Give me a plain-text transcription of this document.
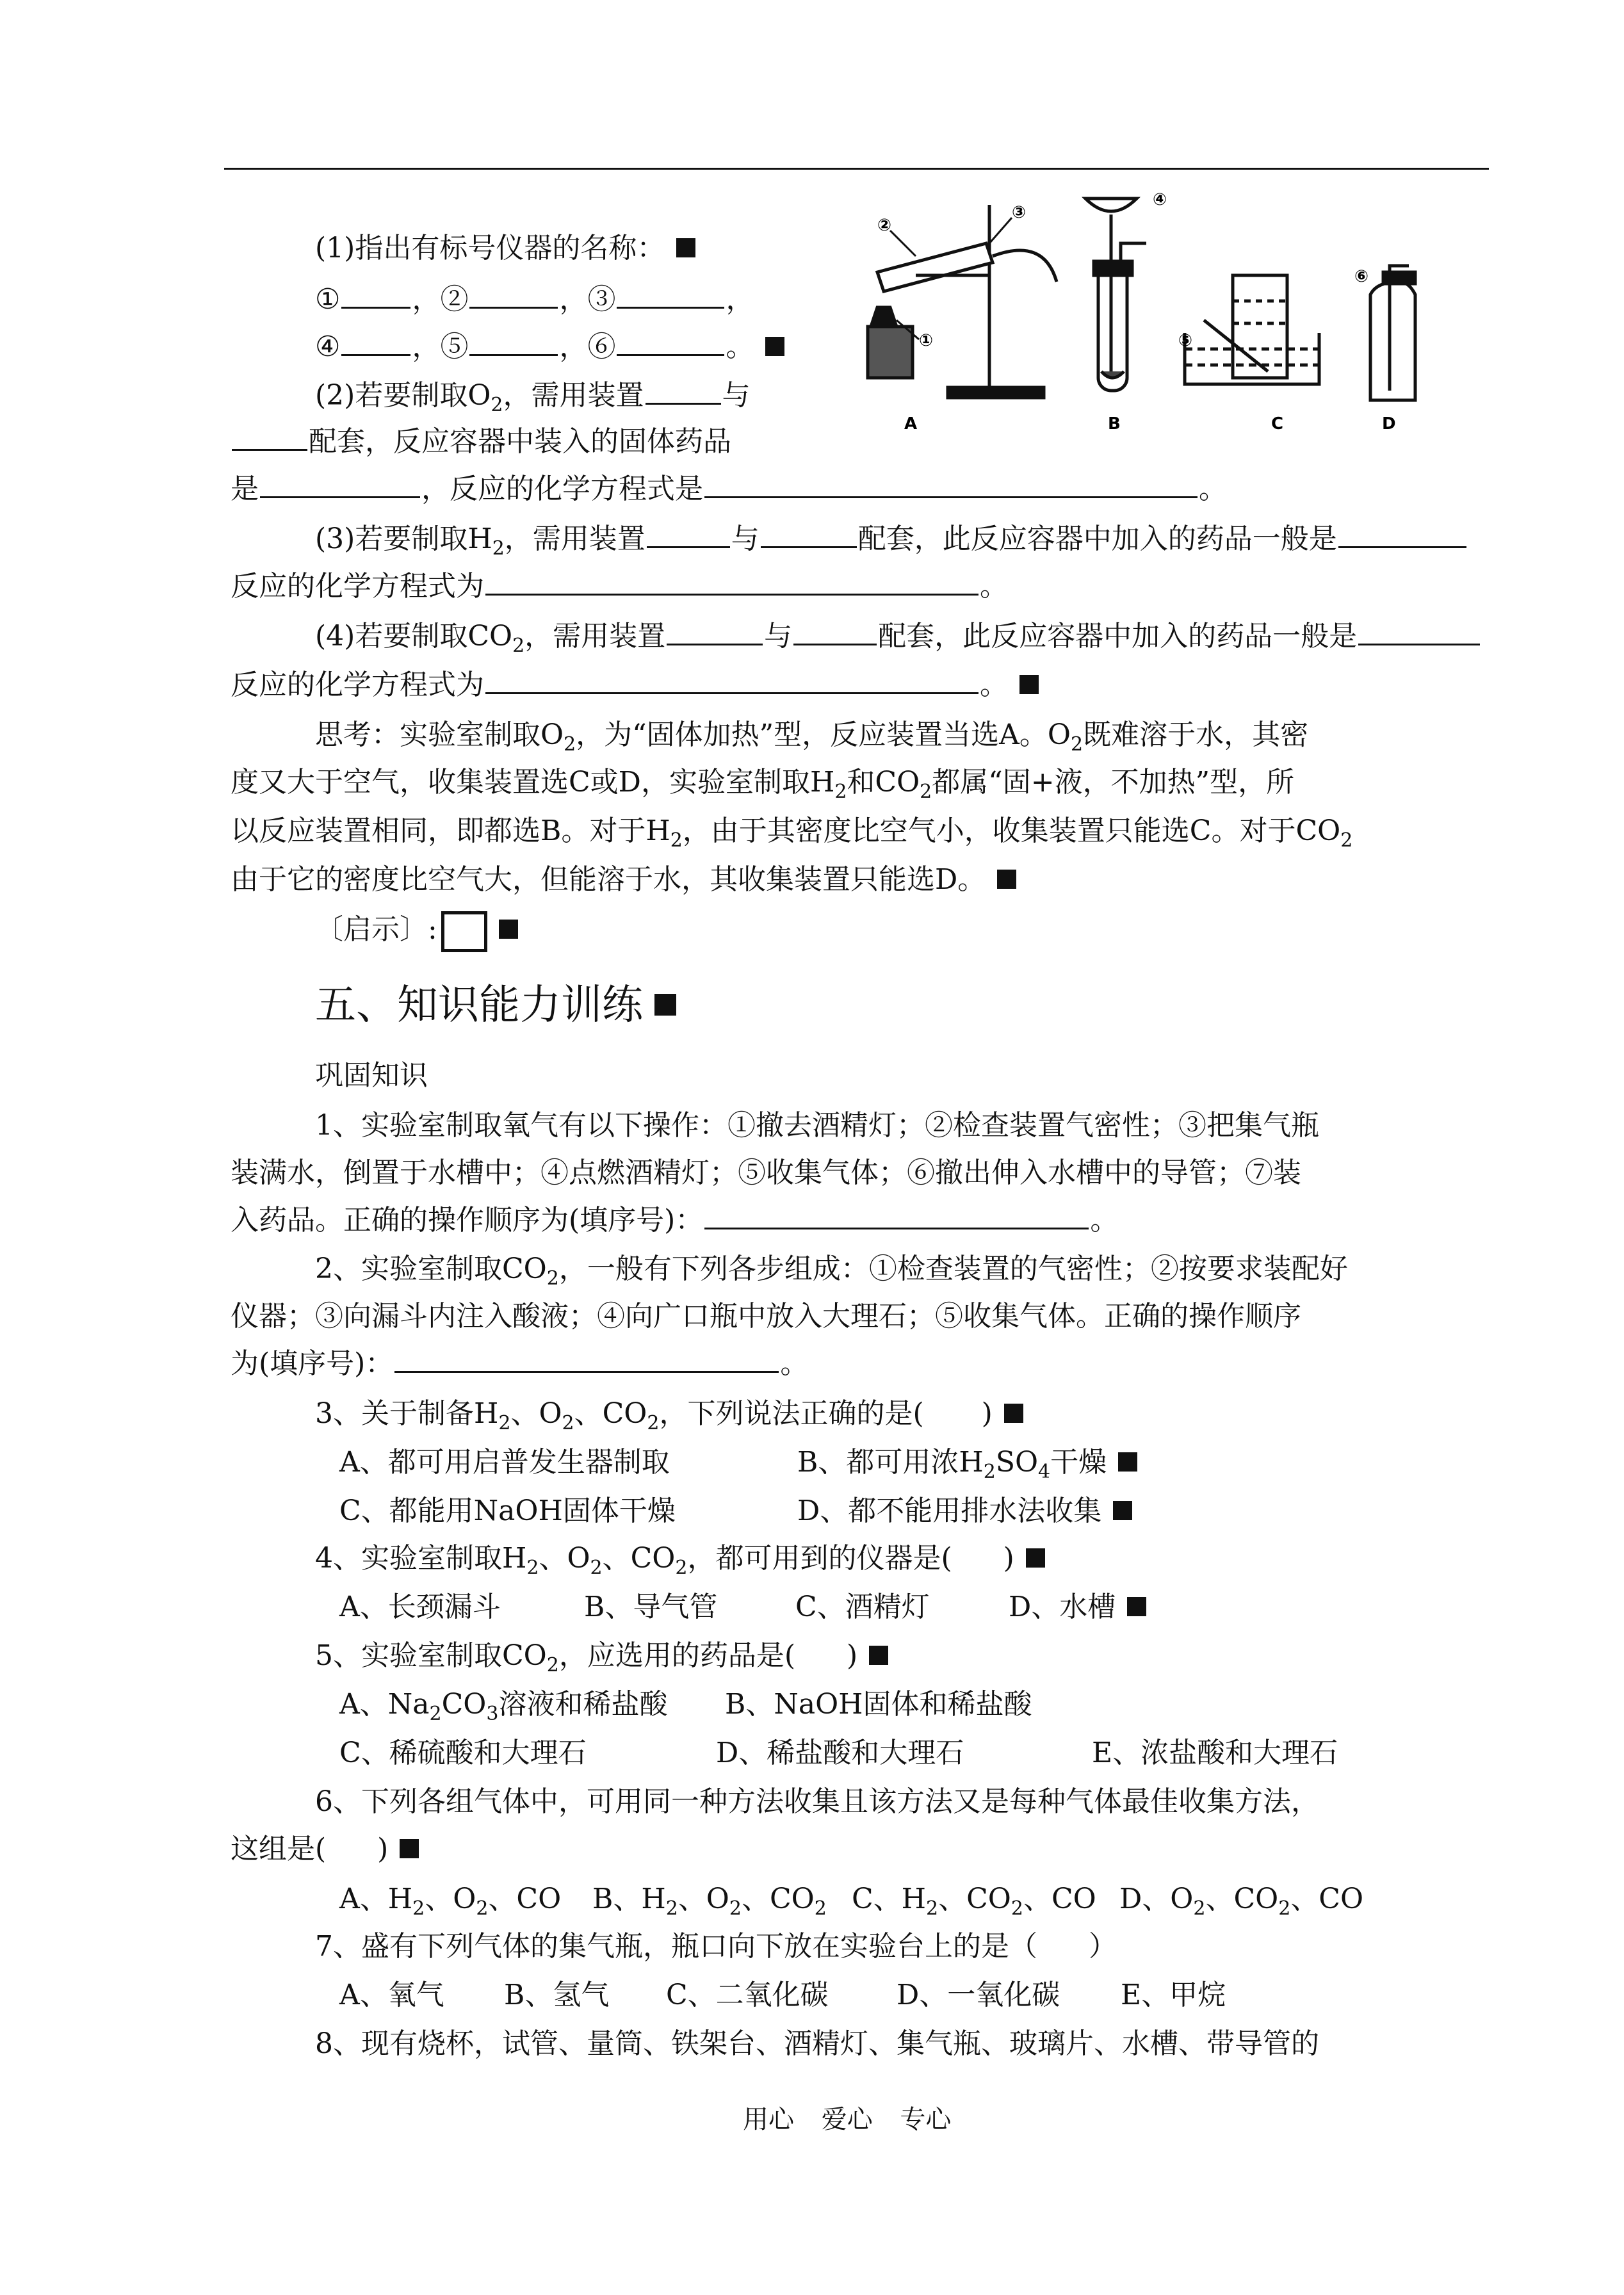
②
①
③
A
④
B
⑤
C
⑥
D
(1)指出有标号仪器的名称：
①	，②	，③	，
④	，⑤	，⑥	。
(2)若要制取$O_2$，需用装置	与
配套，反应容器中装入的固体药品
是	，反应的化学方程式是	。
(3)若要制取$H_2$，需用装置	与	配套，此反应容器中加入的药品一般是
反应的化学方程式为	。
(4)若要制取$CO_2$，需用装置	与	配套，此反应容器中加入的药品一般是
反应的化学方程式为	。
思考：实验室制取$O_2$，为“固体加热”型，反应装置当选A。$O_2$既难溶于水，其密
度又大于空气，收集装置选C或D，实验室制取$H_2$和$CO_2$都属“固+液，不加热”型，所
以反应装置相同，即都选B。对于$H_2$，由于其密度比空气小，收集装置只能选C。对于$CO_2$
由于它的密度比空气大，但能溶于水，其收集装置只能选D。
〔启示〕:
五、知识能力训练
巩固知识
1、实验室制取氧气有以下操作：①撤去酒精灯；②检查装置气密性；③把集气瓶
装满水，倒置于水槽中；④点燃酒精灯；⑤收集气体；⑥撤出伸入水槽中的导管；⑦装
入药品。正确的操作顺序为(填序号)：	。
2、实验室制取$CO_2$，一般有下列各步组成：①检查装置的气密性；②按要求装配好
仪器；③向漏斗内注入酸液；④向广口瓶中放入大理石；⑤收集气体。正确的操作顺序
为(填序号)：	。
3、关于制备$H_2$、$O_2$、$CO_2$，下列说法正确的是( )
A、都可用启普发生器制取	B、都可用浓$H_2SO_4$干燥
C、都能用NaOH固体干燥	D、都不能用排水法收集
4、实验室制取$H_2$、$O_2$、$CO_2$，都可用到的仪器是( )
A、长颈漏斗	B、导气管	C、酒精灯	D、水槽
5、实验室制取$CO_2$，应选用的药品是( )
A、$Na_2CO_3$溶液和稀盐酸 B、NaOH固体和稀盐酸
C、稀硫酸和大理石	D、稀盐酸和大理石	E、浓盐酸和大理石
6、下列各组气体中，可用同一种方法收集且该方法又是每种气体最佳收集方法，
这组是( )
A、$H_2$、$O_2$、CO B、$H_2$、$O_2$、$CO_2$ C、$H_2$、$CO_2$、CO D、$O_2$、$CO_2$、CO
7、盛有下列气体的集气瓶，瓶口向下放在实验台上的是（ ）
A、氧气 B、氢气 C、二氧化碳 D、一氧化碳 E、甲烷
8、现有烧杯，试管、量筒、铁架台、酒精灯、集气瓶、玻璃片、水槽、带导管的
用心 爱心 专心
